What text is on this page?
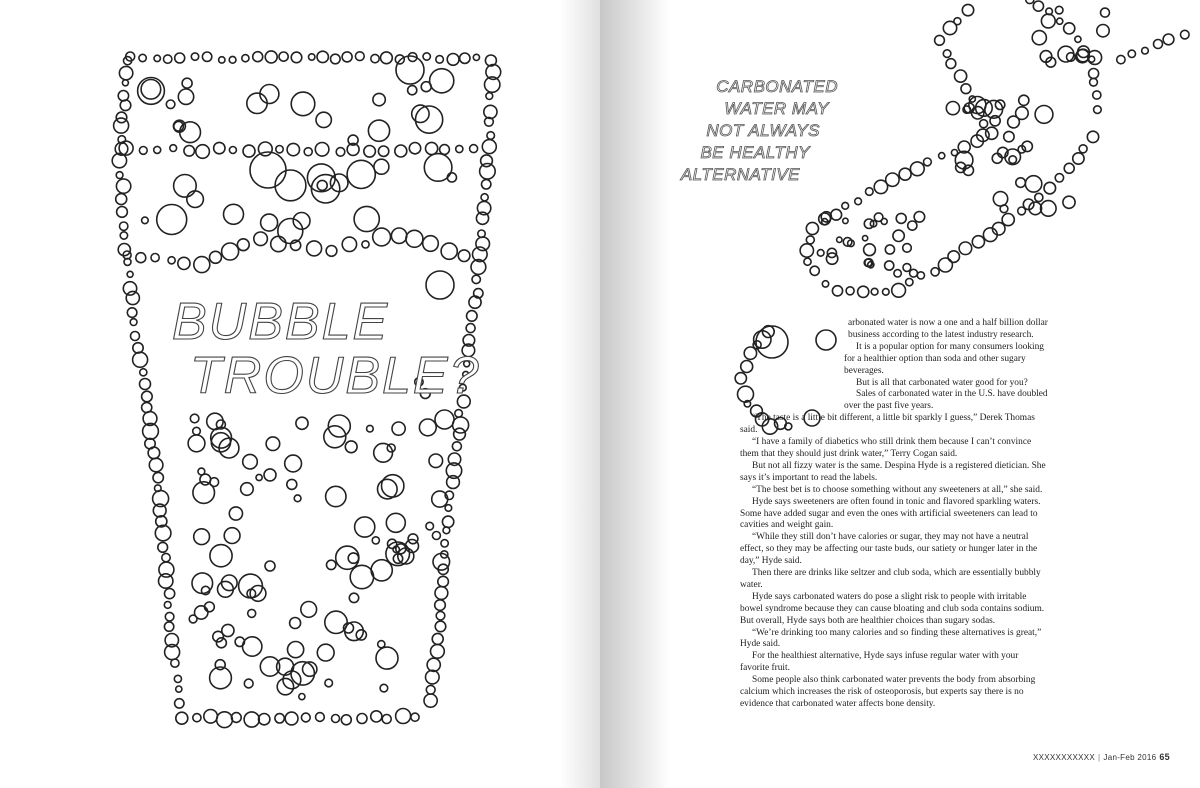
BUBBLE
TROUBLE?
CARBONATED
WATER MAY
NOT ALWAYS
BE HEALTHY
ALTERNATIVE

arbonated water is now a one and a half billion dollar business according to the latest industry research.

It is a popular option for many consumers looking for a healthier option than soda and other sugary beverages.

But is all that carbonated water good for you?

Sales of carbonated water in the U.S. have doubled over the past five years.

“The taste is a little bit different, a little bit sparkly I guess,” Derek Thomas said.

“I have a family of diabetics who still drink them because I can’t convince them that they should just drink water,” Terry Cogan said.

But not all fizzy water is the same. Despina Hyde is a registered dietician. She says it’s important to read the labels.

“The best bet is to choose something without any sweeteners at all,” she said.

Hyde says sweeteners are often found in tonic and flavored sparkling waters. Some have added sugar and even the ones with artificial sweeteners can lead to cavities and weight gain.

“While they still don’t have calories or sugar, they may not have a neutral effect, so they may be affecting our taste buds, our satiety or hunger later in the day,” Hyde said.

Then there are drinks like seltzer and club soda, which are essentially bubbly water.

Hyde says carbonated waters do pose a slight risk to people with irritable bowel syndrome because they can cause bloating and club soda contains sodium. But overall, Hyde says both are healthier choices than sugary sodas.

“We’re drinking too many calories and so finding these alternatives is great,” Hyde said.

For the healthiest alternative, Hyde says infuse regular water with your favorite fruit.

Some people also think carbonated water prevents the body from absorbing calcium which increases the risk of osteoporosis, but experts say there is no evidence that carbonated water affects bone density.

XXXXXXXXXXX | Jan-Feb 2016 65
